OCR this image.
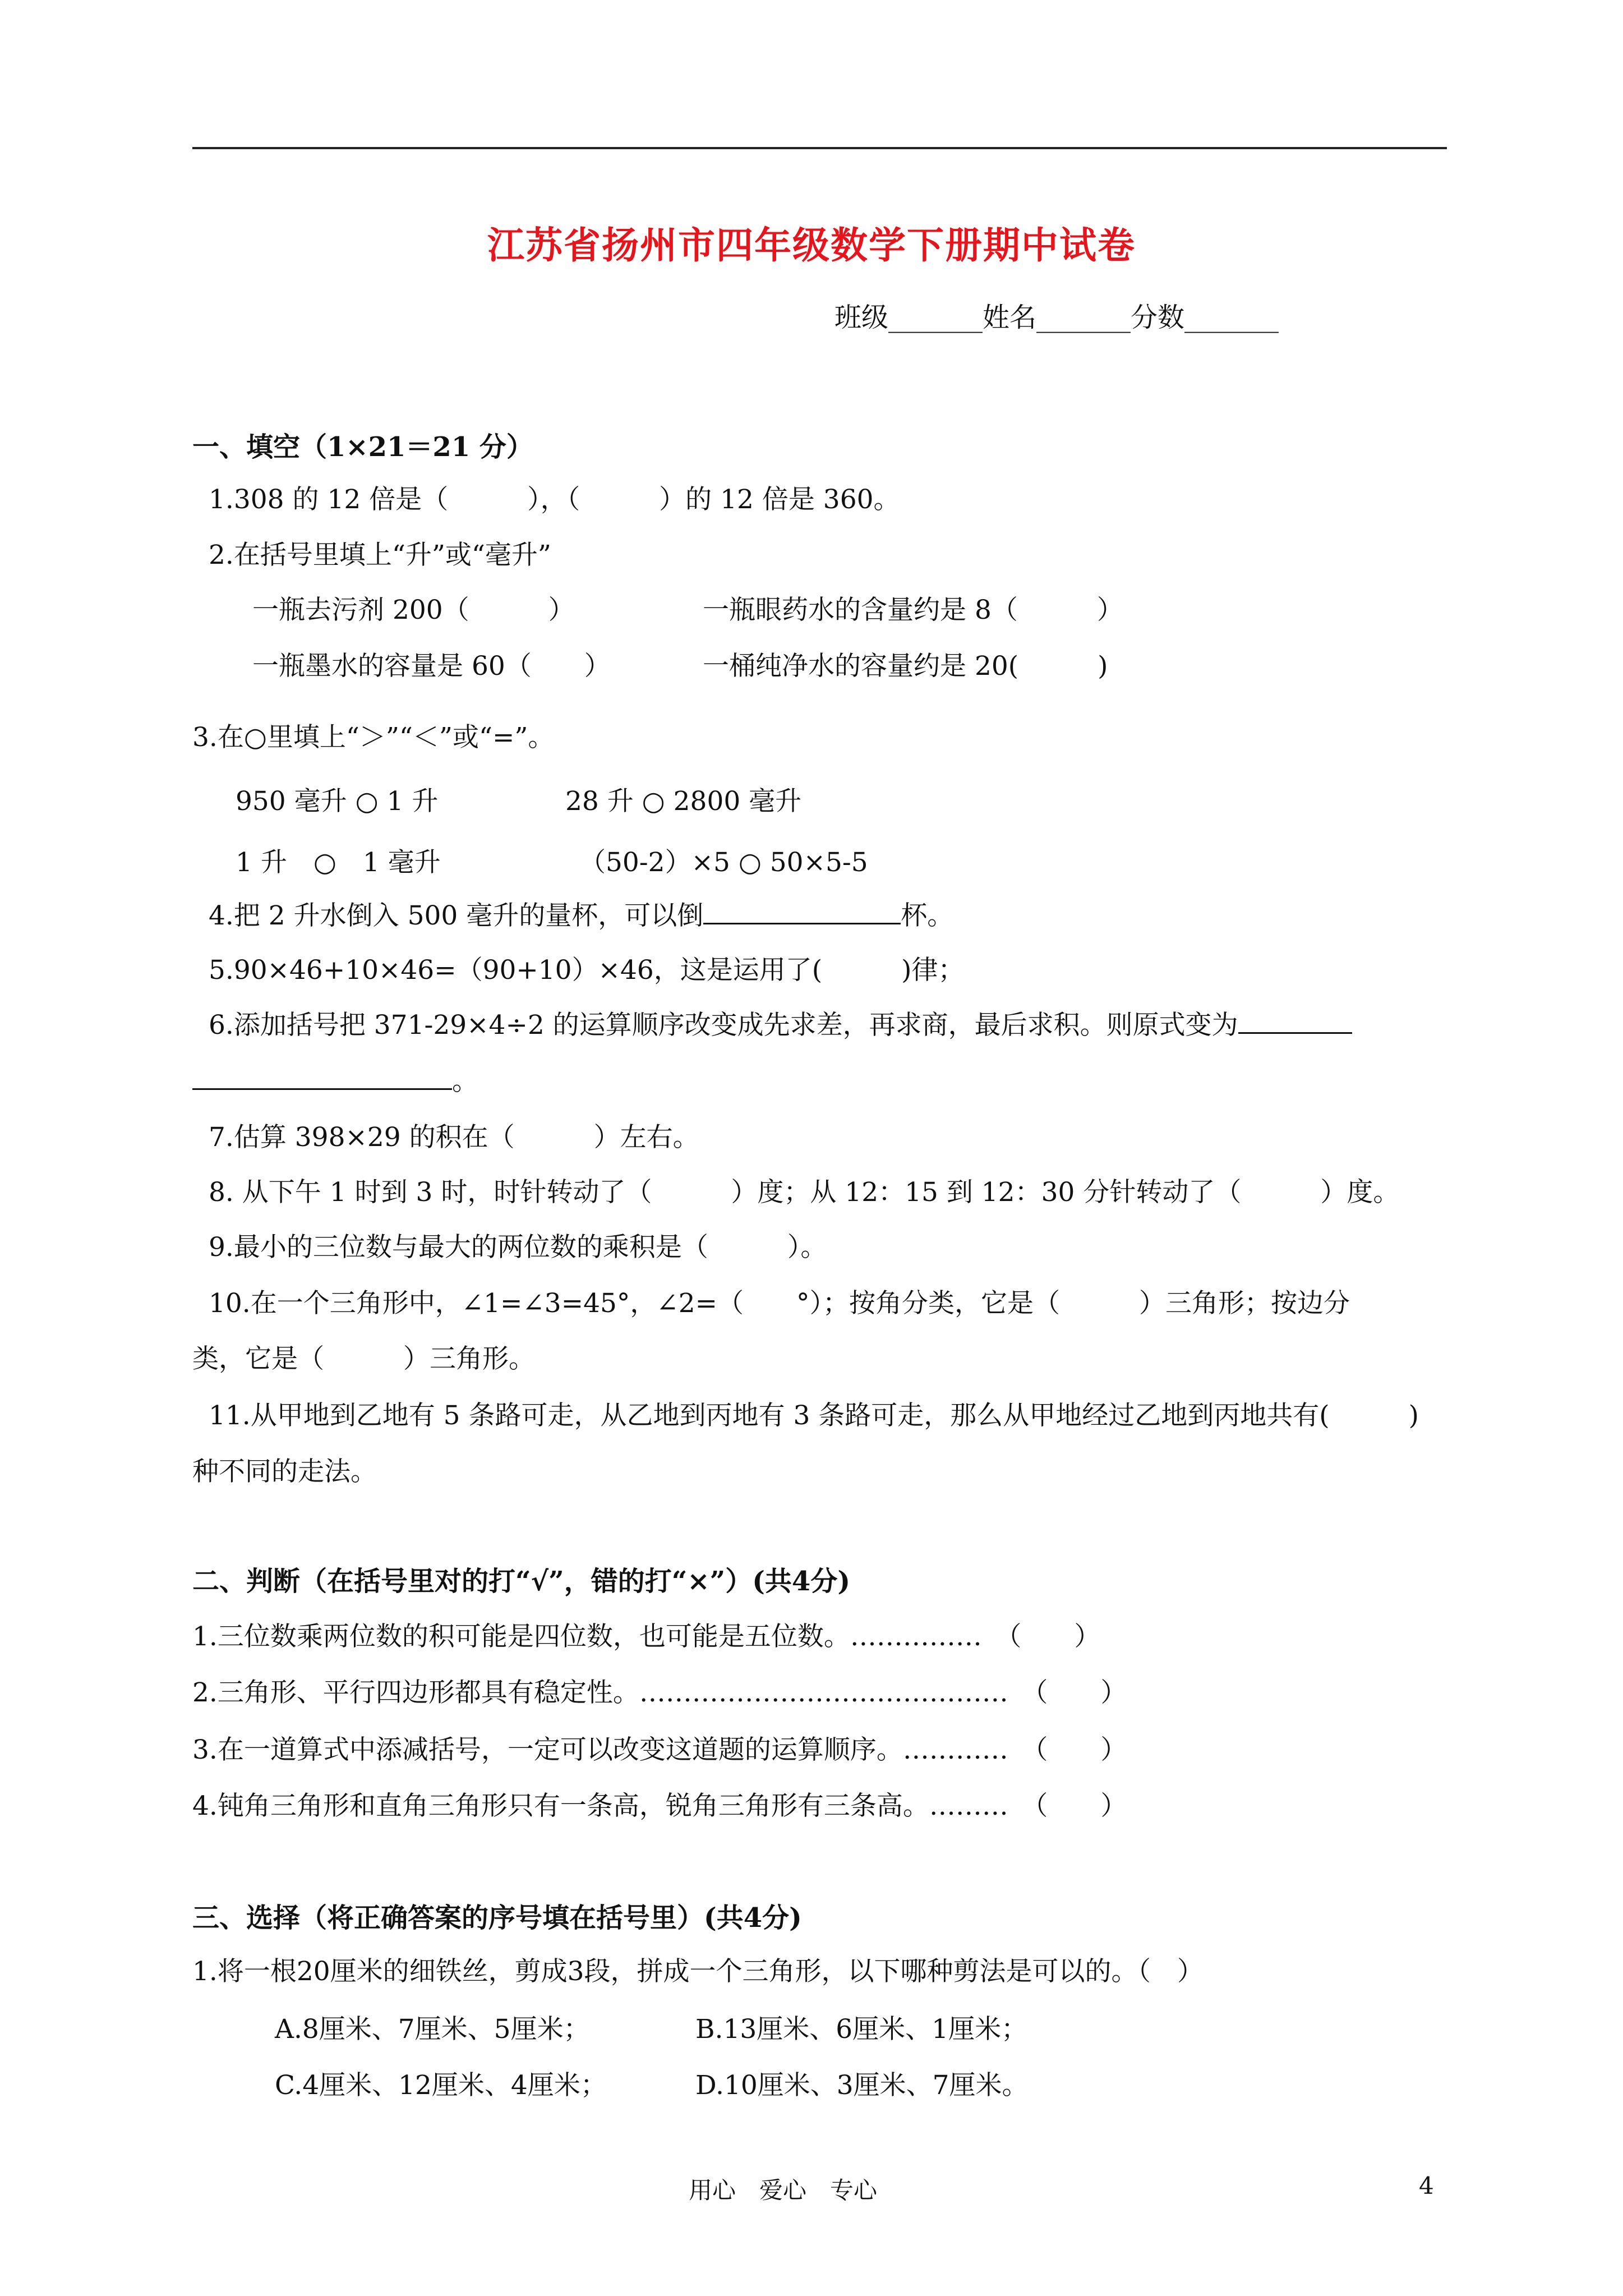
江苏省扬州市四年级数学下册期中试卷
班级_______姓名_______分数_______
一、填空（1×21＝21 分）
1.308 的 12 倍是（　　　），（　　　）的 12 倍是 360。
2.在括号里填上“升”或“毫升”
一瓶去污剂 200（　　　）	一瓶眼药水的含量约是 8（　　　）
一瓶墨水的容量是 60（　　）	一桶纯净水的容量约是 20(　　　)
3.在○里填上“＞”“＜”或“=”。
950 毫升 ○ 1 升	28 升 ○ 2800 毫升
1 升　○　1 毫升	（50-2）×5 ○ 50×5-5
4.把 2 升水倒入 500 毫升的量杯，可以倒	杯。
5.90×46+10×46=（90+10）×46，这是运用了(　　　)律；
6.添加括号把 371-29×4÷2 的运算顺序改变成先求差，再求商，最后求积。则原式变为
。
7.估算 398×29 的积在（　　　）左右。
8. 从下午 1 时到 3 时，时针转动了（　　　）度；从 12：15 到 12：30 分针转动了（　　　）度。
9.最小的三位数与最大的两位数的乘积是（　　　）。
10.在一个三角形中，∠1=∠3=45°，∠2=（　　°）；按角分类，它是（　　　）三角形；按边分
类，它是（　　　）三角形。
11.从甲地到乙地有 5 条路可走，从乙地到丙地有 3 条路可走，那么从甲地经过乙地到丙地共有(　　　)
种不同的走法。
二、判断（在括号里对的打“√”，错的打“×”）(共4分)
1.三位数乘两位数的积可能是四位数，也可能是五位数。……………　（　　）
2.三角形、平行四边形都具有稳定性。……………………………………　（　　）
3.在一道算式中添减括号，一定可以改变这道题的运算顺序。…………　（　　）
4.钝角三角形和直角三角形只有一条高，锐角三角形有三条高。………　（　　）
三、选择（将正确答案的序号填在括号里）(共4分)
1.将一根20厘米的细铁丝，剪成3段，拼成一个三角形，以下哪种剪法是可以的。（　）
A.8厘米、7厘米、5厘米；	B.13厘米、6厘米、1厘米；
C.4厘米、12厘米、4厘米；	D.10厘米、3厘米、7厘米。
用心　爱心　专心	4
